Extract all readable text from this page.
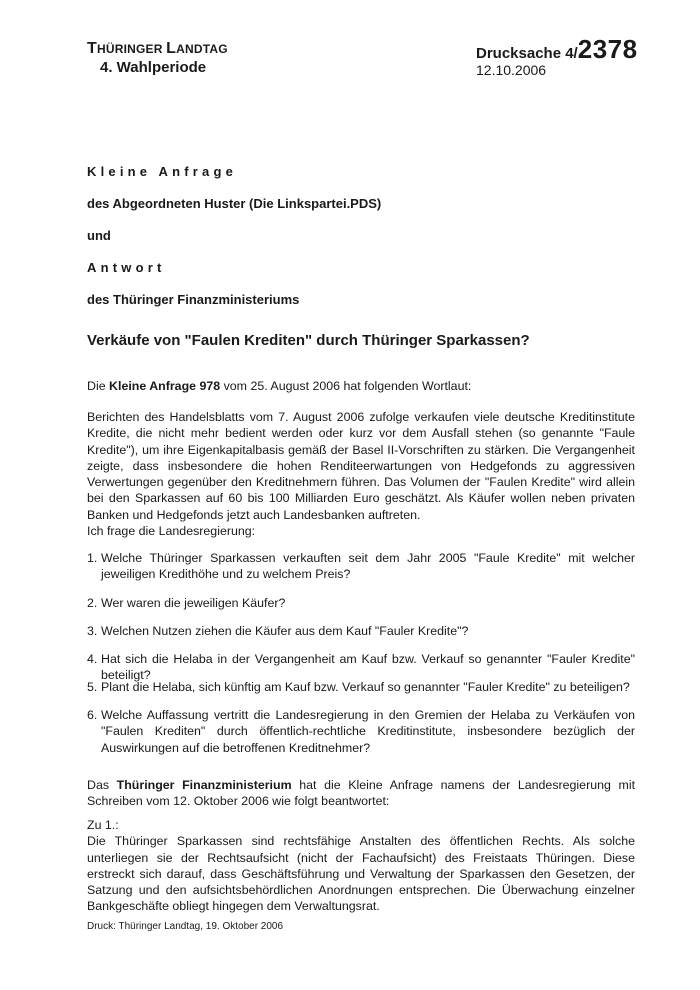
THÜRINGER LANDTAG
4. Wahlperiode
Drucksache 4/2378
12.10.2006
Kleine Anfrage
des Abgeordneten Huster (Die Linkspartei.PDS)
und
Antwort
des Thüringer Finanzministeriums
Verkäufe von "Faulen Krediten" durch Thüringer Sparkassen?
Die Kleine Anfrage 978 vom 25. August 2006 hat folgenden Wortlaut:
Berichten des Handelsblatts vom 7. August 2006 zufolge verkaufen viele deutsche Kreditinstitute Kredite, die nicht mehr bedient werden oder kurz vor dem Ausfall stehen (so genannte "Faule Kredite"), um ihre Eigenkapitalbasis gemäß der Basel II-Vorschriften zu stärken. Die Vergangenheit zeigte, dass insbesondere die hohen Renditeerwartungen von Hedgefonds zu aggressiven Verwertungen gegenüber den Kreditnehmern führen. Das Volumen der "Faulen Kredite" wird allein bei den Sparkassen auf 60 bis 100 Milliarden Euro geschätzt. Als Käufer wollen neben privaten Banken und Hedgefonds jetzt auch Landesbanken auftreten.
Ich frage die Landesregierung:
1. Welche Thüringer Sparkassen verkauften seit dem Jahr 2005 "Faule Kredite" mit welcher jeweiligen Kredithöhe und zu welchem Preis?
2. Wer waren die jeweiligen Käufer?
3. Welchen Nutzen ziehen die Käufer aus dem Kauf "Fauler Kredite"?
4. Hat sich die Helaba in der Vergangenheit am Kauf bzw. Verkauf so genannter "Fauler Kredite" beteiligt?
5. Plant die Helaba, sich künftig am Kauf bzw. Verkauf so genannter "Fauler Kredite" zu beteiligen?
6. Welche Auffassung vertritt die Landesregierung in den Gremien der Helaba zu Verkäufen von "Faulen Krediten" durch öffentlich-rechtliche Kreditinstitute, insbesondere bezüglich der Auswirkungen auf die betroffenen Kreditnehmer?
Das Thüringer Finanzministerium hat die Kleine Anfrage namens der Landesregierung mit Schreiben vom 12. Oktober 2006 wie folgt beantwortet:
Zu 1.:
Die Thüringer Sparkassen sind rechtsfähige Anstalten des öffentlichen Rechts. Als solche unterliegen sie der Rechtsaufsicht (nicht der Fachaufsicht) des Freistaats Thüringen. Diese erstreckt sich darauf, dass Geschäftsführung und Verwaltung der Sparkassen den Gesetzen, der Satzung und den aufsichtsbehördlichen Anordnungen entsprechen. Die Überwachung einzelner Bankgeschäfte obliegt hingegen dem Verwaltungsrat.
Druck: Thüringer Landtag, 19. Oktober 2006
